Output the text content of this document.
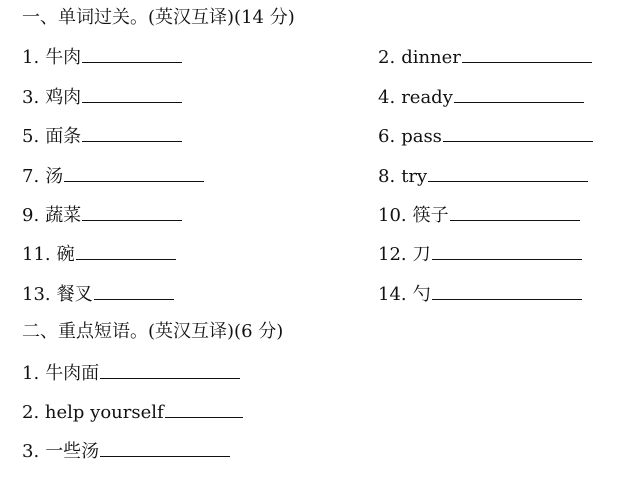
一、单词过关。(英汉互译)(14 分)
1. 牛肉
3. 鸡肉
5. 面条
7. 汤
9. 蔬菜
11. 碗
13. 餐叉
2. dinner
4. ready
6. pass
8. try
10. 筷子
12. 刀
14. 勺
二、重点短语。(英汉互译)(6 分)
1. 牛肉面
2. help yourself
3. 一些汤
